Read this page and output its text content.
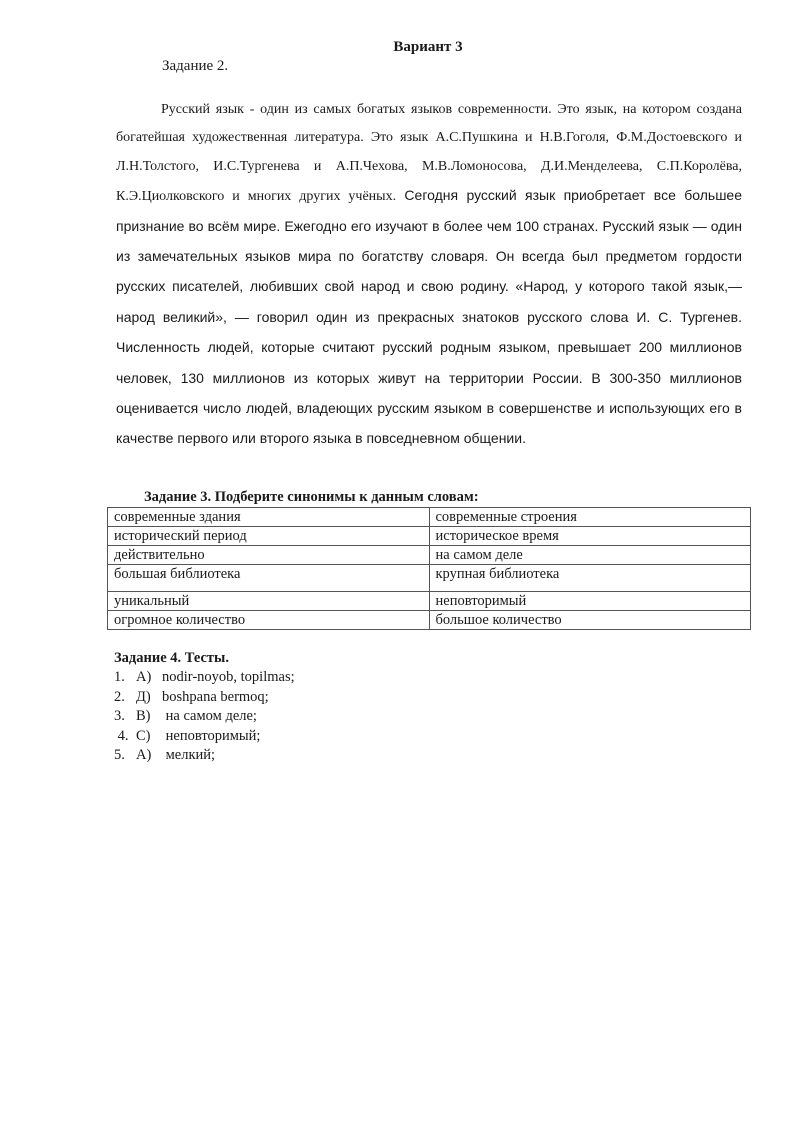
Вариант 3
Задание 2.

Русский язык - один из самых богатых языков современности. Это язык, на котором создана богатейшая художественная литература. Это язык А.С.Пушкина и Н.В.Гоголя, Ф.М.Достоевского и Л.Н.Толстого, И.С.Тургенева и А.П.Чехова, М.В.Ломоносова, Д.И.Менделеева, С.П.Королёва, К.Э.Циолковского и многих других учёных. Сегодня русский язык приобретает все большее признание во всём мире. Ежегодно его изучают в более чем 100 странах. Русский язык — один из замечательных языков мира по богатству словаря. Он всегда был предметом гордости русских писателей, любивших свой народ и свою родину. «Народ, у которого такой язык,— народ великий», — говорил один из прекрасных знатоков русского слова И. С. Тургенев. Численность людей, которые считают русский родным языком, превышает 200 миллионов человек, 130 миллионов из которых живут на территории России. В 300-350 миллионов оценивается число людей, владеющих русским языком в совершенстве и использующих его в качестве первого или второго языка в повседневном общении.

Задание 3. Подберите синонимы к данным словам:
современные здания	современные строения
исторический период	историческое время
действительно	на самом деле
большая библиотека	крупная библиотека
уникальный	неповторимый
огромное количество	большое количество
Задание 4. Тесты.
1. A) nodir-noyob, topilmas;
2. Д) boshpana bermoq;
3. B) на самом деле;
4. C) неповторимый;
5. A) мелкий;
